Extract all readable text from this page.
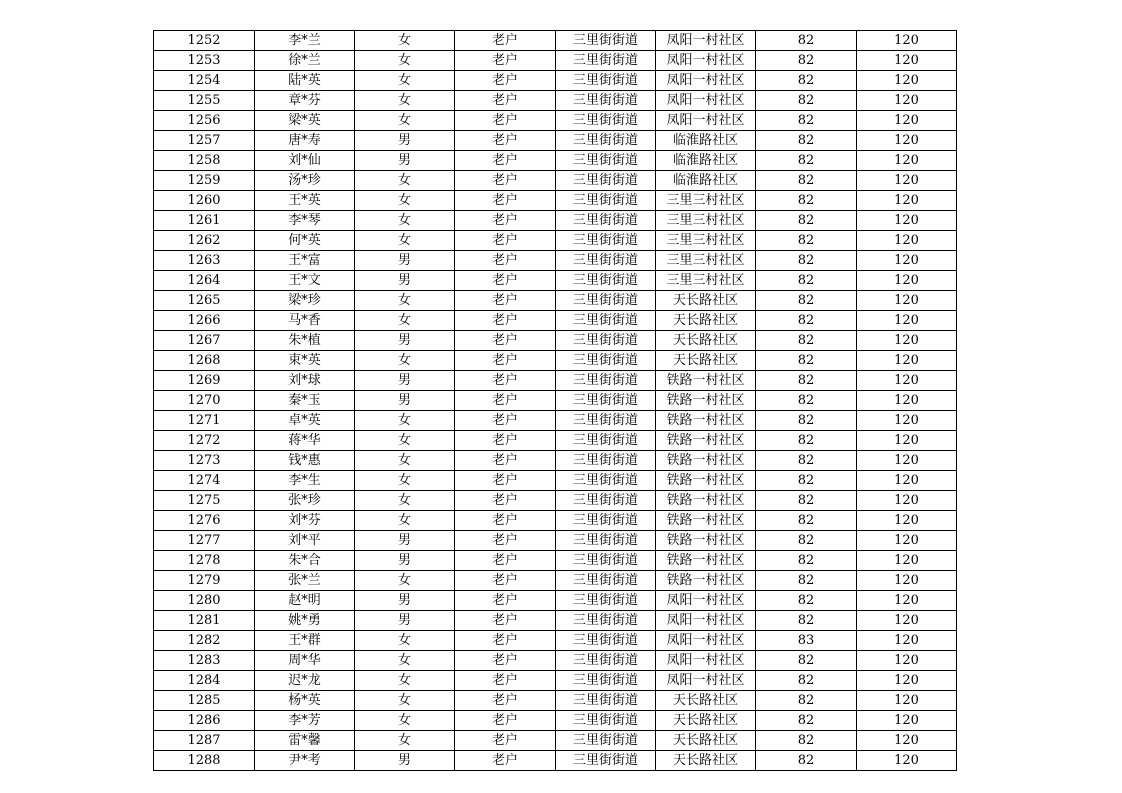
1252	李*兰	女	老户	三里街街道	凤阳一村社区	82	120
1253	徐*兰	女	老户	三里街街道	凤阳一村社区	82	120
1254	陆*英	女	老户	三里街街道	凤阳一村社区	82	120
1255	章*芬	女	老户	三里街街道	凤阳一村社区	82	120
1256	梁*英	女	老户	三里街街道	凤阳一村社区	82	120
1257	唐*寿	男	老户	三里街街道	临淮路社区	82	120
1258	刘*仙	男	老户	三里街街道	临淮路社区	82	120
1259	汤*珍	女	老户	三里街街道	临淮路社区	82	120
1260	王*英	女	老户	三里街街道	三里三村社区	82	120
1261	李*琴	女	老户	三里街街道	三里三村社区	82	120
1262	何*英	女	老户	三里街街道	三里三村社区	82	120
1263	王*富	男	老户	三里街街道	三里三村社区	82	120
1264	王*文	男	老户	三里街街道	三里三村社区	82	120
1265	梁*珍	女	老户	三里街街道	天长路社区	82	120
1266	马*香	女	老户	三里街街道	天长路社区	82	120
1267	朱*植	男	老户	三里街街道	天长路社区	82	120
1268	束*英	女	老户	三里街街道	天长路社区	82	120
1269	刘*球	男	老户	三里街街道	铁路一村社区	82	120
1270	秦*玉	男	老户	三里街街道	铁路一村社区	82	120
1271	卓*英	女	老户	三里街街道	铁路一村社区	82	120
1272	蒋*华	女	老户	三里街街道	铁路一村社区	82	120
1273	钱*惠	女	老户	三里街街道	铁路一村社区	82	120
1274	李*生	女	老户	三里街街道	铁路一村社区	82	120
1275	张*珍	女	老户	三里街街道	铁路一村社区	82	120
1276	刘*芬	女	老户	三里街街道	铁路一村社区	82	120
1277	刘*平	男	老户	三里街街道	铁路一村社区	82	120
1278	朱*合	男	老户	三里街街道	铁路一村社区	82	120
1279	张*兰	女	老户	三里街街道	铁路一村社区	82	120
1280	赵*明	男	老户	三里街街道	凤阳一村社区	82	120
1281	姚*勇	男	老户	三里街街道	凤阳一村社区	82	120
1282	王*群	女	老户	三里街街道	凤阳一村社区	83	120
1283	周*华	女	老户	三里街街道	凤阳一村社区	82	120
1284	迟*龙	女	老户	三里街街道	凤阳一村社区	82	120
1285	杨*英	女	老户	三里街街道	天长路社区	82	120
1286	李*芳	女	老户	三里街街道	天长路社区	82	120
1287	雷*馨	女	老户	三里街街道	天长路社区	82	120
1288	尹*考	男	老户	三里街街道	天长路社区	82	120
